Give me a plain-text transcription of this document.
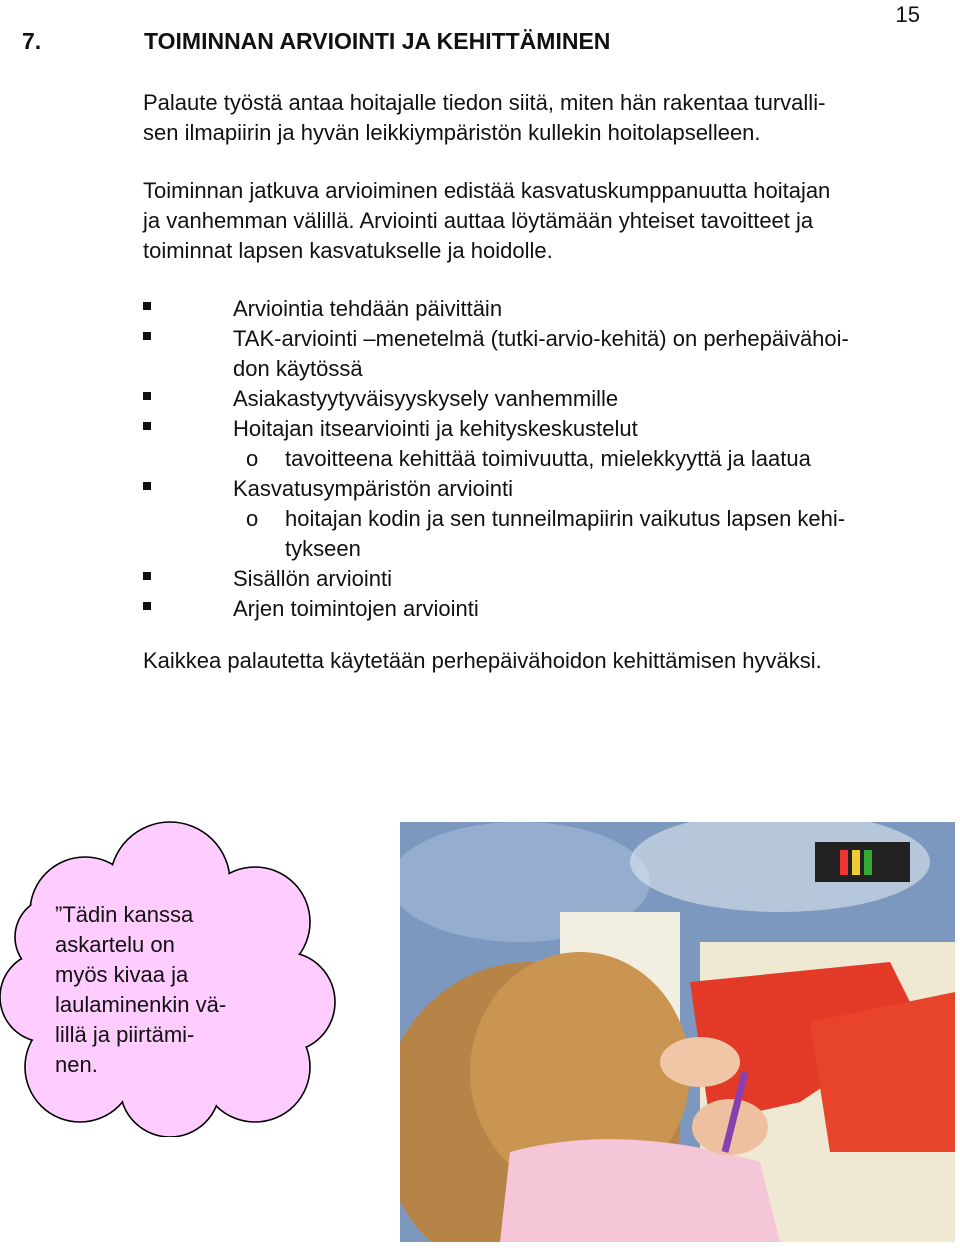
15
7.	TOIMINNAN ARVIOINTI JA KEHITTÄMINEN

Palaute työstä antaa hoitajalle tiedon siitä, miten hän rakentaa turvalli-
sen ilmapiirin ja hyvän leikkiympäristön kullekin hoitolapselleen.

Toiminnan jatkuva arvioiminen edistää kasvatuskumppanuutta hoitajan
ja vanhemman välillä. Arviointi auttaa löytämään yhteiset tavoitteet ja
toiminnat lapsen kasvatukselle ja hoidolle.

Arviointia tehdään päivittäin
TAK-arviointi –menetelmä (tutki-arvio-kehitä) on perhepäivähoi-
don käytössä
Asiakastyytyväisyyskysely vanhemmille
Hoitajan itsearviointi ja kehityskeskustelut
o tavoitteena kehittää toimivuutta, mielekkyyttä ja laatua
Kasvatusympäristön arviointi
o hoitajan kodin ja sen tunneilmapiirin vaikutus lapsen kehi-
tykseen
Sisällön arviointi
Arjen toimintojen arviointi

Kaikkea palautetta käytetään perhepäivähoidon kehittämisen hyväksi.

”Tädin kanssa
askartelu on
myös kivaa ja
laulaminenkin vä-
lillä ja piirtämi-
nen.
